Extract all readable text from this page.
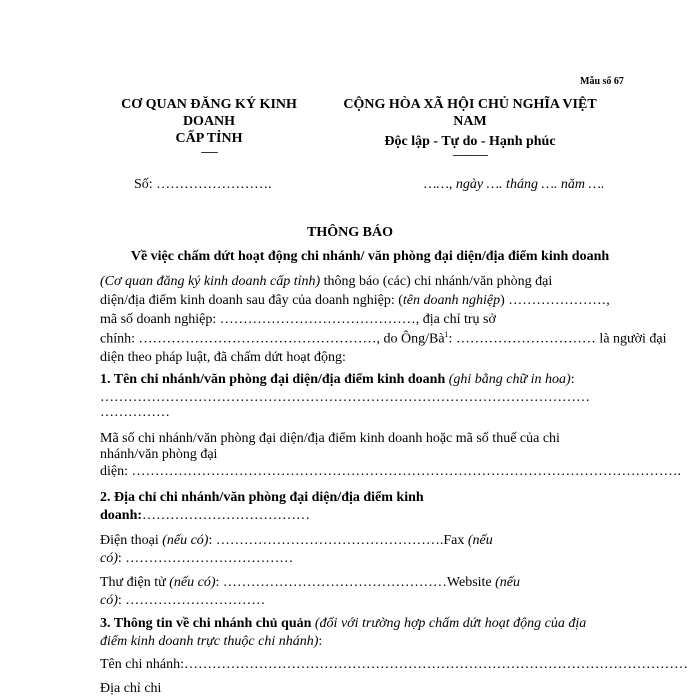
Mẫu số 67
CƠ QUAN ĐĂNG KÝ KINH
DOANH
CẤP TỈNH
-------
Số: …………………….
CỘNG HÒA XÃ HỘI CHỦ NGHĨA VIỆT
NAM
Độc lập - Tự do - Hạnh phúc
---------------
……, ngày …. tháng …. năm ….
THÔNG BÁO
Về việc chấm dứt hoạt động chi nhánh/ văn phòng đại diện/địa điểm kinh doanh
(Cơ quan đăng ký kinh doanh cấp tỉnh) thông báo (các) chi nhánh/văn phòng đại
diện/địa điểm kinh doanh sau đây của doanh nghiệp: (tên doanh nghiệp) …………………,
mã số doanh nghiệp: ……………………………………, địa chỉ trụ sở
chính: ……………………………………………, do Ông/$Bà^1$: ………………………… là người đại
diện theo pháp luật, đã chấm dứt hoạt động:
1. Tên chi nhánh/văn phòng đại diện/địa điểm kinh doanh (ghi bằng chữ in hoa):
……………………………………………………………………………………………
……………
Mã số chi nhánh/văn phòng đại diện/địa điểm kinh doanh hoặc mã số thuế của chi
nhánh/văn phòng đại
diện: ……………………………………………………………………………………………………….
2. Địa chỉ chi nhánh/văn phòng đại diện/địa điểm kinh
doanh:………………………………
Điện thoại (nếu có): ………………………………………….Fax (nếu
có): ………………………………
Thư điện tử (nếu có): …………………………………………Website (nếu
có): …………………………
3. Thông tin về chi nhánh chủ quản (đối với trường hợp chấm dứt hoạt động của địa
điểm kinh doanh trực thuộc chi nhánh):
Tên chi nhánh:………………………………………………………………………………………………
Địa chỉ chi
